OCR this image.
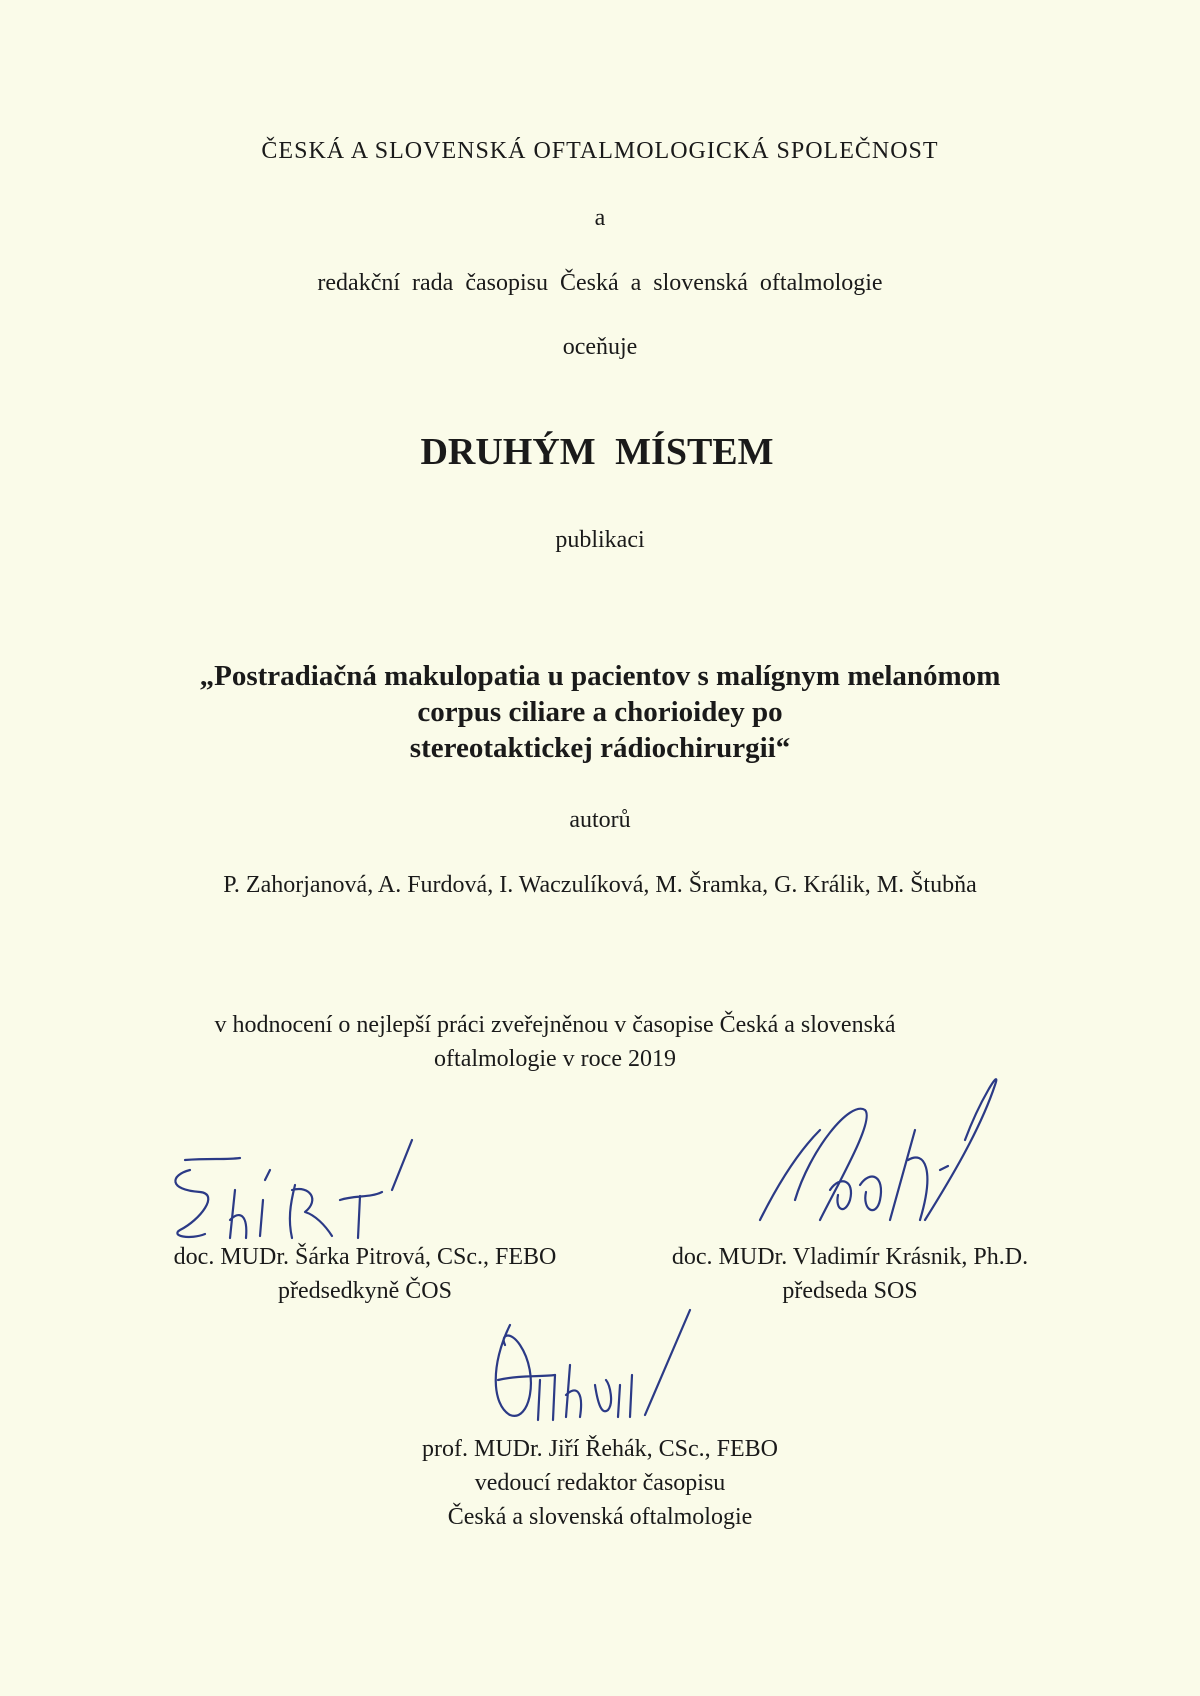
ČESKÁ A SLOVENSKÁ OFTALMOLOGICKÁ SPOLEČNOST

a

redakční rada časopisu Česká a slovenská oftalmologie

oceňuje

DRUHÝM MÍSTEM

publikaci

„Postradiačná makulopatia u pacientov s malígnym melanómom
corpus ciliare a chorioidey po
stereotaktickej rádiochirurgii“

autorů

P. Zahorjanová, A. Furdová, I. Waczulíková, M. Šramka, G. Králik, M. Štubňa

v hodnocení o nejlepší práci zveřejněnou v časopise Česká a slovenská
oftalmologie v roce 2019
doc. MUDr. Šárka Pitrová, CSc., FEBO
předsedkyně ČOS
doc. MUDr. Vladimír Krásnik, Ph.D.
předseda SOS
prof. MUDr. Jiří Řehák, CSc., FEBO
vedoucí redaktor časopisu
Česká a slovenská oftalmologie
